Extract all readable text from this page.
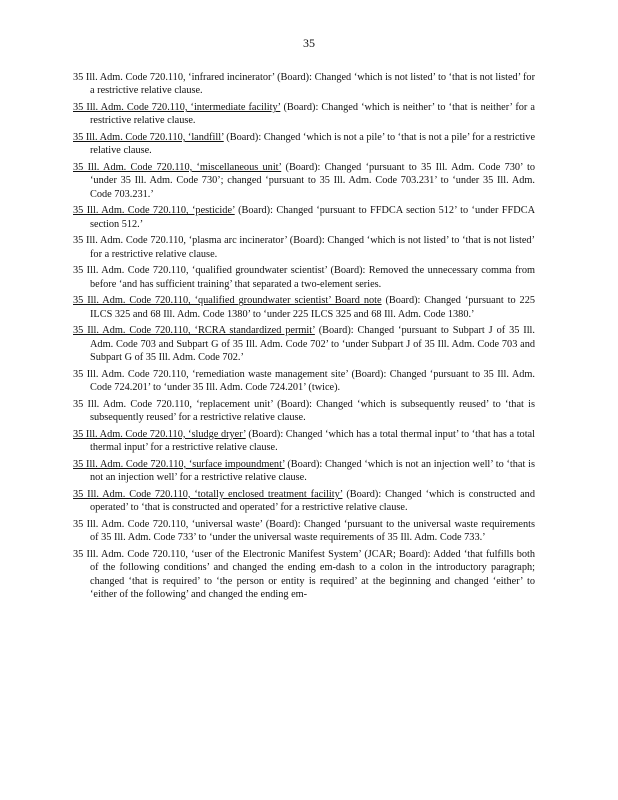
35
35 Ill. Adm. Code 720.110, ‘infrared incinerator’ (Board): Changed ‘which is not listed’ to ‘that is not listed’ for a restrictive relative clause.
35 Ill. Adm. Code 720.110, ‘intermediate facility’ (Board): Changed ‘which is neither’ to ‘that is neither’ for a restrictive relative clause.
35 Ill. Adm. Code 720.110, ‘landfill’ (Board): Changed ‘which is not a pile’ to ‘that is not a pile’ for a restrictive relative clause.
35 Ill. Adm. Code 720.110, ‘miscellaneous unit’ (Board): Changed ‘pursuant to 35 Ill. Adm. Code 730’ to ‘under 35 Ill. Adm. Code 730’; changed ‘pursuant to 35 Ill. Adm. Code 703.231’ to ‘under 35 Ill. Adm. Code 703.231.’
35 Ill. Adm. Code 720.110, ‘pesticide’ (Board): Changed ‘pursuant to FFDCA section 512’ to ‘under FFDCA section 512.’
35 Ill. Adm. Code 720.110, ‘plasma arc incinerator’ (Board): Changed ‘which is not listed’ to ‘that is not listed’ for a restrictive relative clause.
35 Ill. Adm. Code 720.110, ‘qualified groundwater scientist’ (Board): Removed the unnecessary comma from before ‘and has sufficient training’ that separated a two-element series.
35 Ill. Adm. Code 720.110, ‘qualified groundwater scientist’ Board note (Board): Changed ‘pursuant to 225 ILCS 325 and 68 Ill. Adm. Code 1380’ to ‘under 225 ILCS 325 and 68 Ill. Adm. Code 1380.’
35 Ill. Adm. Code 720.110, ‘RCRA standardized permit’ (Board): Changed ‘pursuant to Subpart J of 35 Ill. Adm. Code 703 and Subpart G of 35 Ill. Adm. Code 702’ to ‘under Subpart J of 35 Ill. Adm. Code 703 and Subpart G of 35 Ill. Adm. Code 702.’
35 Ill. Adm. Code 720.110, ‘remediation waste management site’ (Board): Changed ‘pursuant to 35 Ill. Adm. Code 724.201’ to ‘under 35 Ill. Adm. Code 724.201’ (twice).
35 Ill. Adm. Code 720.110, ‘replacement unit’ (Board): Changed ‘which is subsequently reused’ to ‘that is subsequently reused’ for a restrictive relative clause.
35 Ill. Adm. Code 720.110, ‘sludge dryer’ (Board): Changed ‘which has a total thermal input’ to ‘that has a total thermal input’ for a restrictive relative clause.
35 Ill. Adm. Code 720.110, ‘surface impoundment’ (Board): Changed ‘which is not an injection well’ to ‘that is not an injection well’ for a restrictive relative clause.
35 Ill. Adm. Code 720.110, ‘totally enclosed treatment facility’ (Board): Changed ‘which is constructed and operated’ to ‘that is constructed and operated’ for a restrictive relative clause.
35 Ill. Adm. Code 720.110, ‘universal waste’ (Board): Changed ‘pursuant to the universal waste requirements of 35 Ill. Adm. Code 733’ to ‘under the universal waste requirements of 35 Ill. Adm. Code 733.’
35 Ill. Adm. Code 720.110, ‘user of the Electronic Manifest System’ (JCAR; Board): Added ‘that fulfills both of the following conditions’ and changed the ending em-dash to a colon in the introductory paragraph; changed ‘that is required’ to ‘the person or entity is required’ at the beginning and changed ‘either’ to ‘either of the following’ and changed the ending em-
